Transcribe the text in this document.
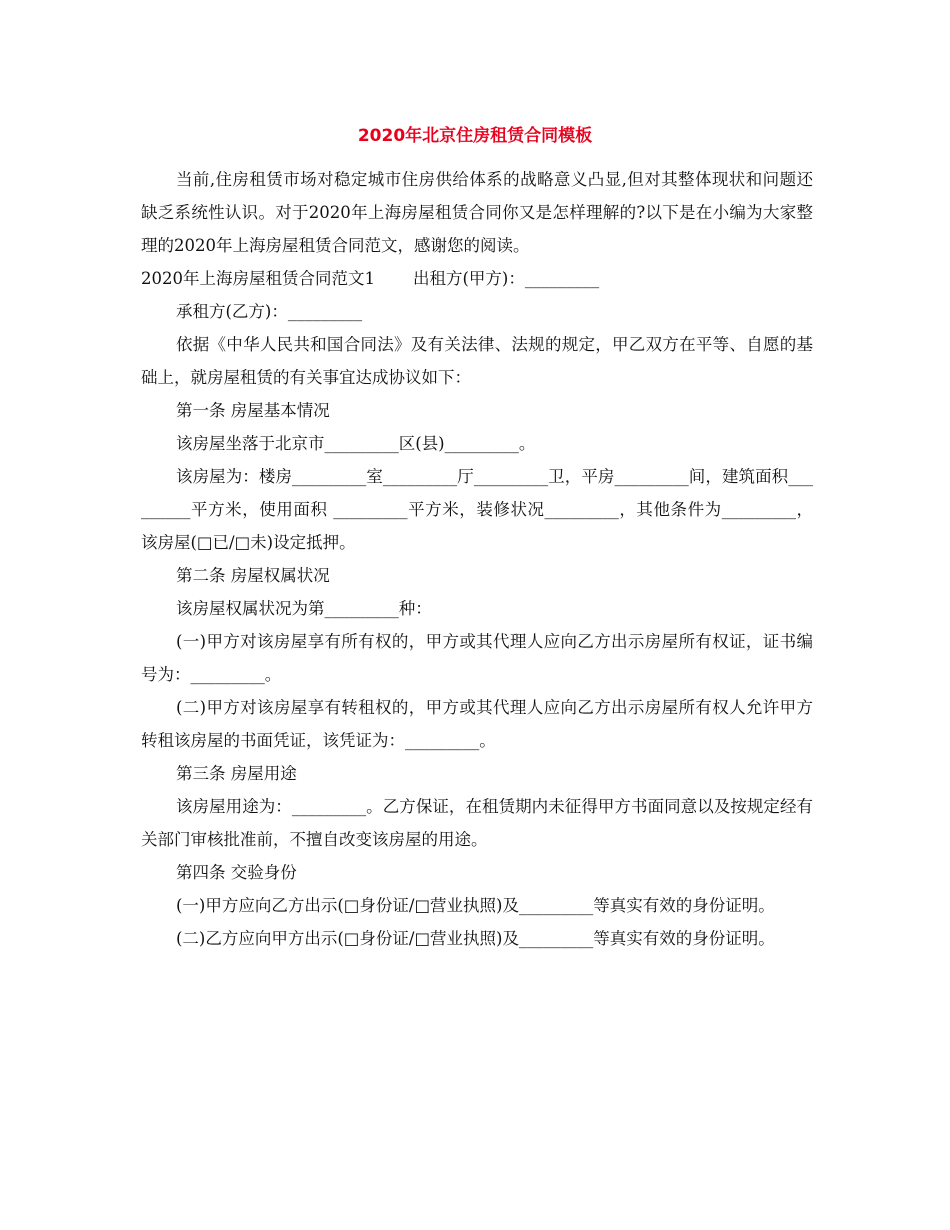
2020年北京住房租赁合同模板

当前,住房租赁市场对稳定城市住房供给体系的战略意义凸显,但对其整体现状和问题还缺乏系统性认识。对于2020年上海房屋租赁合同你又是怎样理解的?以下是在小编为大家整理的2020年上海房屋租赁合同范文，感谢您的阅读。

2020年上海房屋租赁合同范文1 出租方(甲方)：_________

承租方(乙方)：_________

依据《中华人民共和国合同法》及有关法律、法规的规定，甲乙双方在平等、自愿的基础上，就房屋租赁的有关事宜达成协议如下：

第一条 房屋基本情况

该房屋坐落于北京市_________区(县)_________。

该房屋为：楼房_________室_________厅_________卫，平房_________间，建筑面积_________平方米，使用面积 _________平方米，装修状况_________，其他条件为_________，该房屋(□已/□未)设定抵押。

第二条 房屋权属状况

该房屋权属状况为第_________种：

(一)甲方对该房屋享有所有权的，甲方或其代理人应向乙方出示房屋所有权证，证书编号为：_________。

(二)甲方对该房屋享有转租权的，甲方或其代理人应向乙方出示房屋所有权人允许甲方转租该房屋的书面凭证，该凭证为：_________。

第三条 房屋用途

该房屋用途为：_________。乙方保证，在租赁期内未征得甲方书面同意以及按规定经有关部门审核批准前，不擅自改变该房屋的用途。

第四条 交验身份

(一)甲方应向乙方出示(□身份证/□营业执照)及_________等真实有效的身份证明。

(二)乙方应向甲方出示(□身份证/□营业执照)及_________等真实有效的身份证明。
